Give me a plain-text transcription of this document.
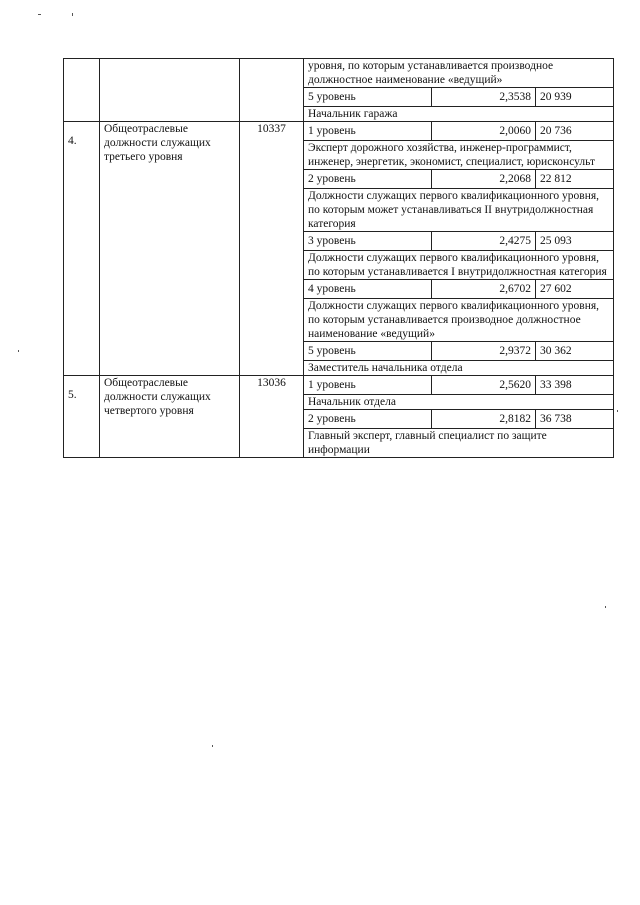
			уровня, по которым устанавливается производное должностное наименование «ведущий»		
			5 уровень	2,3538	20 939
			Начальник гаража		
4.	Общеотраслевые должности служащих третьего уровня	10337	1 уровень	2,0060	20 736
			Эксперт дорожного хозяйства, инженер-программист, инженер, энергетик, экономист, специалист, юрисконсульт		
			2 уровень	2,2068	22 812
			Должности служащих первого квалификационного уровня, по которым может устанавливаться II внутридолжностная категория		
			3 уровень	2,4275	25 093
			Должности служащих первого квалификационного уровня, по которым устанавливается I внутридолжностная категория		
			4 уровень	2,6702	27 602
			Должности служащих первого квалификационного уровня, по которым устанавливается производное должностное наименование «ведущий»		
			5 уровень	2,9372	30 362
			Заместитель начальника отдела		
5.	Общеотраслевые должности служащих четвертого уровня	13036	1 уровень	2,5620	33 398
			Начальник отдела		
			2 уровень	2,8182	36 738
			Главный эксперт, главный специалист по защите информации		
